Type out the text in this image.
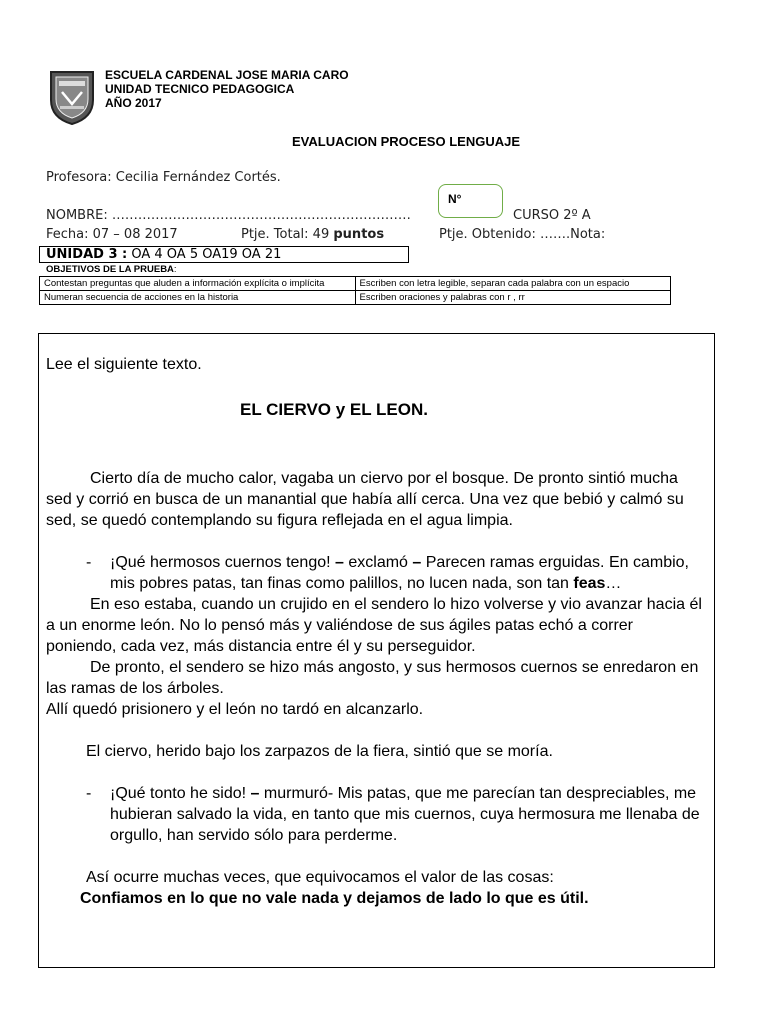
ESCUELA CARDENAL JOSE MARIA CARO
UNIDAD TECNICO PEDAGOGICA
AÑO 2017
EVALUACION PROCESO LENGUAJE
Profesora: Cecilia Fernández Cortés.
N°
NOMBRE: ……………………………………………………………	CURSO 2º A
Fecha: 07 – 08 2017	Ptje. Total: 49 puntos	Ptje. Obtenido: …….Nota:
UNIDAD 3 : OA 4 OA 5 OA19 OA 21
OBJETIVOS DE LA PRUEBA:
Contestan preguntas que aluden a información explícita o implícita	Escriben con letra legible, separan cada palabra con un espacio
Numeran secuencia de acciones en la historia	Escriben oraciones y palabras con r , rr
Lee el siguiente texto.
EL CIERVO y EL LEON.

Cierto día de mucho calor, vagaba un ciervo por el bosque. De pronto sintió mucha sed y corrió en busca de un manantial que había allí cerca. Una vez que bebió y calmó su sed, se quedó contemplando su figura reflejada en el agua limpia.

-	¡Qué hermosos cuernos tengo! – exclamó – Parecen ramas erguidas. En cambio, mis pobres patas, tan finas como palillos, no lucen nada, son tan feas…

En eso estaba, cuando un crujido en el sendero lo hizo volverse y vio avanzar hacia él a un enorme león. No lo pensó más y valiéndose de sus ágiles patas echó a correr poniendo, cada vez, más distancia entre él y su perseguidor.

De pronto, el sendero se hizo más angosto, y sus hermosos cuernos se enredaron en las ramas de los árboles.

Allí quedó prisionero y el león no tardó en alcanzarlo.

El ciervo, herido bajo los zarpazos de la fiera, sintió que se moría.

-	¡Qué tonto he sido! – murmuró- Mis patas, que me parecían tan despreciables, me hubieran salvado la vida, en tanto que mis cuernos, cuya hermosura me llenaba de orgullo, han servido sólo para perderme.

Así ocurre muchas veces, que equivocamos el valor de las cosas:

Confiamos en lo que no vale nada y dejamos de lado lo que es útil.
